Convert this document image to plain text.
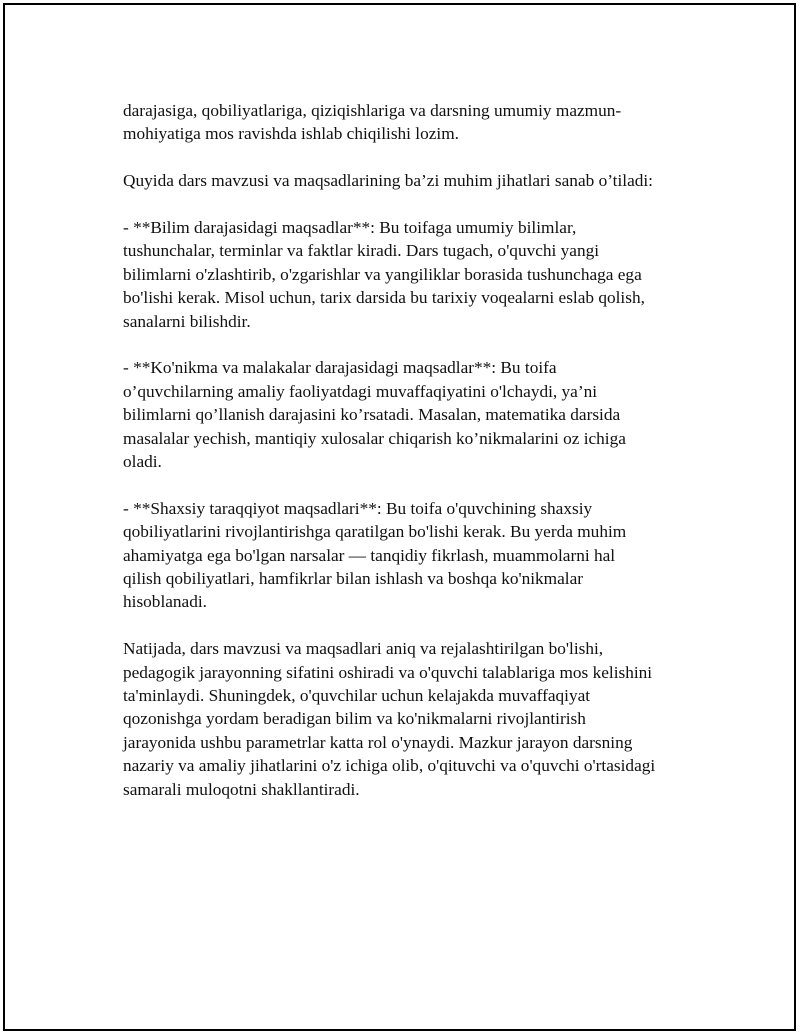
darajasiga, qobiliyatlariga, qiziqishlariga va darsning umumiy mazmun-
mohiyatiga mos ravishda ishlab chiqilishi lozim.

Quyida dars mavzusi va maqsadlarining ba’zi muhim jihatlari sanab o’tiladi:

- **Bilim darajasidagi maqsadlar**: Bu toifaga umumiy bilimlar,
tushunchalar, terminlar va faktlar kiradi. Dars tugach, o'quvchi yangi
bilimlarni o'zlashtirib, o'zgarishlar va yangiliklar borasida tushunchaga ega
bo'lishi kerak. Misol uchun, tarix darsida bu tarixiy voqealarni eslab qolish,
sanalarni bilishdir.

- **Ko'nikma va malakalar darajasidagi maqsadlar**: Bu toifa
o’quvchilarning amaliy faoliyatdagi muvaffaqiyatini o'lchaydi, ya’ni
bilimlarni qo’llanish darajasini ko’rsatadi. Masalan, matematika darsida
masalalar yechish, mantiqiy xulosalar chiqarish ko’nikmalarini oz ichiga
oladi.

- **Shaxsiy taraqqiyot maqsadlari**: Bu toifa o'quvchining shaxsiy
qobiliyatlarini rivojlantirishga qaratilgan bo'lishi kerak. Bu yerda muhim
ahamiyatga ega bo'lgan narsalar — tanqidiy fikrlash, muammolarni hal
qilish qobiliyatlari, hamfikrlar bilan ishlash va boshqa ko'nikmalar
hisoblanadi.

Natijada, dars mavzusi va maqsadlari aniq va rejalashtirilgan bo'lishi,
pedagogik jarayonning sifatini oshiradi va o'quvchi talablariga mos kelishini
ta'minlaydi. Shuningdek, o'quvchilar uchun kelajakda muvaffaqiyat
qozonishga yordam beradigan bilim va ko'nikmalarni rivojlantirish
jarayonida ushbu parametrlar katta rol o'ynaydi. Mazkur jarayon darsning
nazariy va amaliy jihatlarini o'z ichiga olib, o'qituvchi va o'quvchi o'rtasidagi
samarali muloqotni shakllantiradi.
